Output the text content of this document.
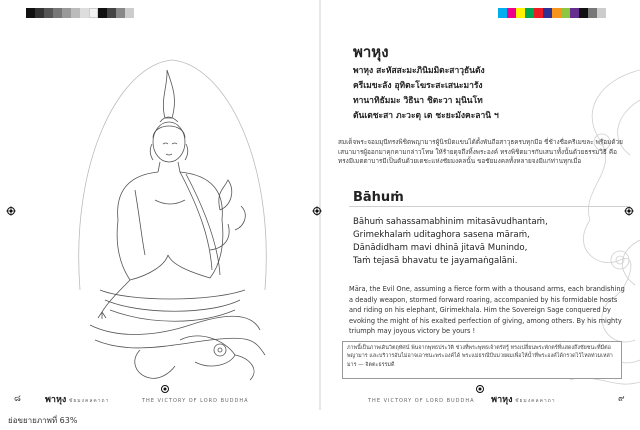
พาหุง
พาหุง สะหัสสะมะภินิมมิตะสาวุธันตัง
ครีเมขะลัง อุทิตะโฆระสะเสนะมารัง
ทานาทิธัมมะ วิธินา ชิตะวา มุนินโท
ตันเตชะสา ภะวะตุ เต ชะยะมังคะลานิ ฯ
สมเด็จพระจอมมุนีทรงพิชิตพญามารผู้นิรมิตแขนได้ตั้งพันถือสาวุธครบทุกมือ ขี่ช้างชื่อครีเมขละ พร้อมด้วยเสนามารผู้ออกมาคุกคามกล่าวโทษ ให้ร้ายดุจถึงทิ้งพระองค์ ทรงพิชิตมารกับเสนาทั้งนั้นด้วยธรรมวิธี คือ ทรงมีเมตตาบารมีเป็นต้นด้วยเดชะแห่งชัยมงคลนั้น ขอชัยมงคลทั้งหลายจงมีแก่ท่านทุกเมื่อ
Bāhuṁ
Bāhuṁ sahassamabhinim mitasāvudhantaṁ,
Grimekhalaṁ uditaghora sasena māraṁ,
Dānādidham mavi dhinā jitavā Munindo,
Taṁ tejasā bhavatu te jayamaṅgalāni.
Māra, the Evil One, assuming a fierce form with a thousand arms, each brandishing a deadly weapon, stormed forward roaring, accompanied by his formidable hosts and riding on his elephant, Girimekhala. Him the Sovereign Sage conquered by evoking the might of his exalted perfection of giving, among others. By his mighty triumph may joyous victory be yours !
ภาพนี้เป็นภาพเดินวิตถุทัศน์ พ้นจากพุทธประวัติ ช่วงที่พระพุทธเจ้าตรัสรู้ ทรงเปลี่ยนพระพักตร์ที่แสดงถึงชัยชนะที่มีต่อพญามาร และบริวารอันไม่อาจเอาชนะพระองค์ได้ พระแม่ธรณีบีบมวยผมเพื่อให้น้ำที่พระองค์ได้กรวดไว้ไหลท่วมเหล่ามาร — จิตตะธรรมดี
๘	พาหุง ชัยมงคลคาถา	THE VICTORY OF LORD BUDDHA	THE VICTORY OF LORD BUDDHA พาหุง ชัยมงคลคาถา	๙
ย่อขยายภาพที่ 63%
